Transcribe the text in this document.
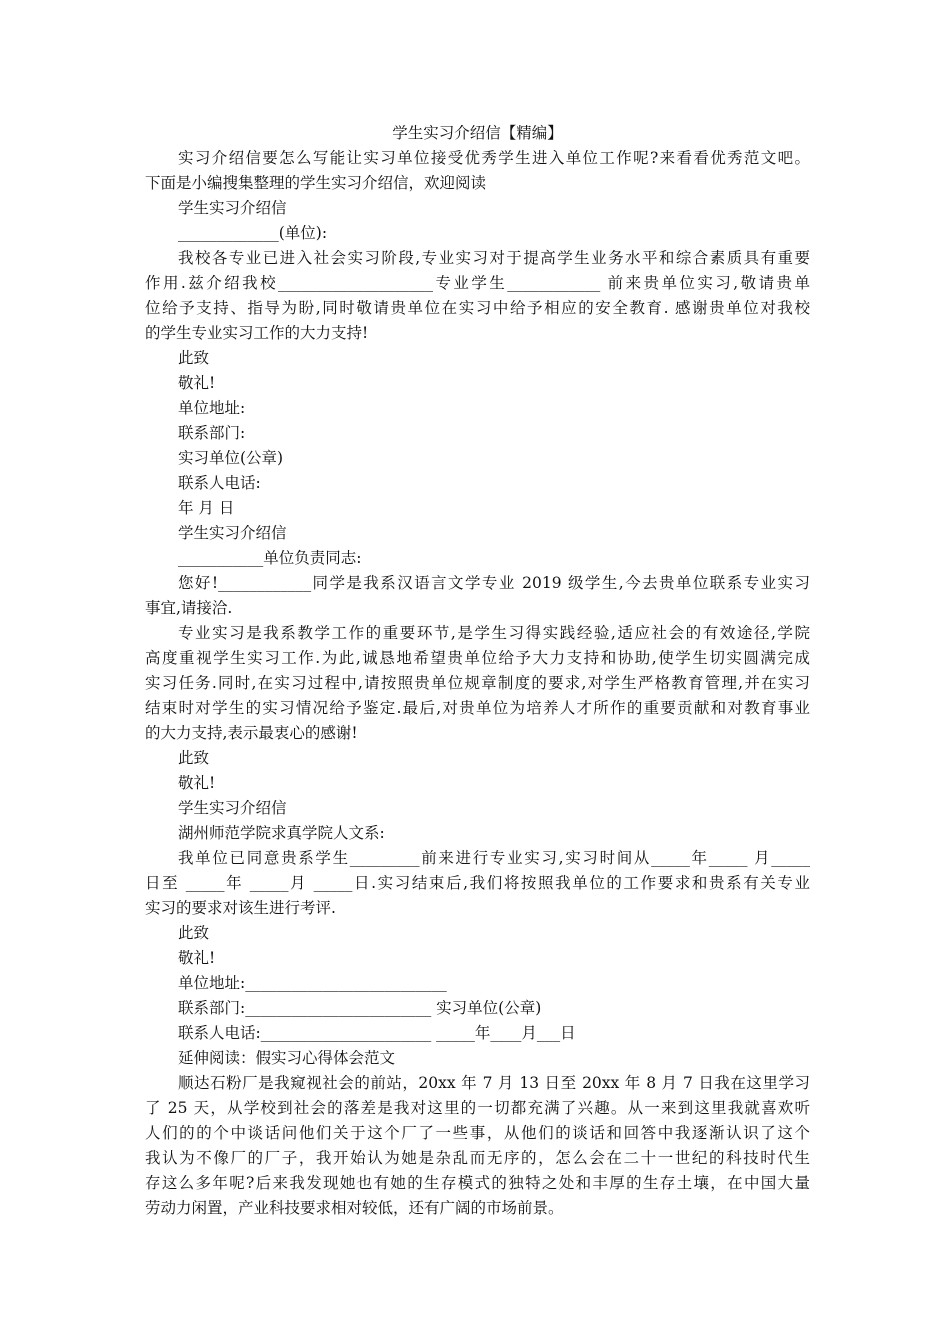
学生实习介绍信【精编】
实习介绍信要怎么写能让实习单位接受优秀学生进入单位工作呢?来看看优秀范文吧。
下面是小编搜集整理的学生实习介绍信，欢迎阅读
学生实习介绍信
_____________(单位):
我校各专业已进入社会实习阶段,专业实习对于提高学生业务水平和综合素质具有重要
作用.兹介绍我校____________________专业学生____________ 前来贵单位实习,敬请贵单
位给予支持、指导为盼,同时敬请贵单位在实习中给予相应的安全教育. 感谢贵单位对我校
的学生专业实习工作的大力支持!
此致
敬礼!
单位地址:
联系部门:
实习单位(公章)
联系人电话:
年 月 日
学生实习介绍信
___________单位负责同志:
您好!____________同学是我系汉语言文学专业 2019 级学生,今去贵单位联系专业实习
事宜,请接洽.
专业实习是我系教学工作的重要环节,是学生习得实践经验,适应社会的有效途径,学院
高度重视学生实习工作.为此,诚恳地希望贵单位给予大力支持和协助,使学生切实圆满完成
实习任务.同时,在实习过程中,请按照贵单位规章制度的要求,对学生严格教育管理,并在实习
结束时对学生的实习情况给予鉴定.最后,对贵单位为培养人才所作的重要贡献和对教育事业
的大力支持,表示最衷心的感谢!
此致
敬礼!
学生实习介绍信
湖州师范学院求真学院人文系:
我单位已同意贵系学生_________前来进行专业实习,实习时间从_____年_____ 月_____
日至 _____年 _____月 _____日.实习结束后,我们将按照我单位的工作要求和贵系有关专业
实习的要求对该生进行考评.
此致
敬礼!
单位地址:__________________________
联系部门:________________________ 实习单位(公章)
联系人电话:______________________ _____年____月___日
延伸阅读：假实习心得体会范文
顺达石粉厂是我窥视社会的前站，20xx 年 7 月 13 日至 20xx 年 8 月 7 日我在这里学习
了 25 天，从学校到社会的落差是我对这里的一切都充满了兴趣。从一来到这里我就喜欢听
人们的的个中谈话问他们关于这个厂了一些事，从他们的谈话和回答中我逐渐认识了这个
我认为不像厂的厂子，我开始认为她是杂乱而无序的，怎么会在二十一世纪的科技时代生
存这么多年呢?后来我发现她也有她的生存模式的独特之处和丰厚的生存土壤，在中国大量
劳动力闲置，产业科技要求相对较低，还有广阔的市场前景。
